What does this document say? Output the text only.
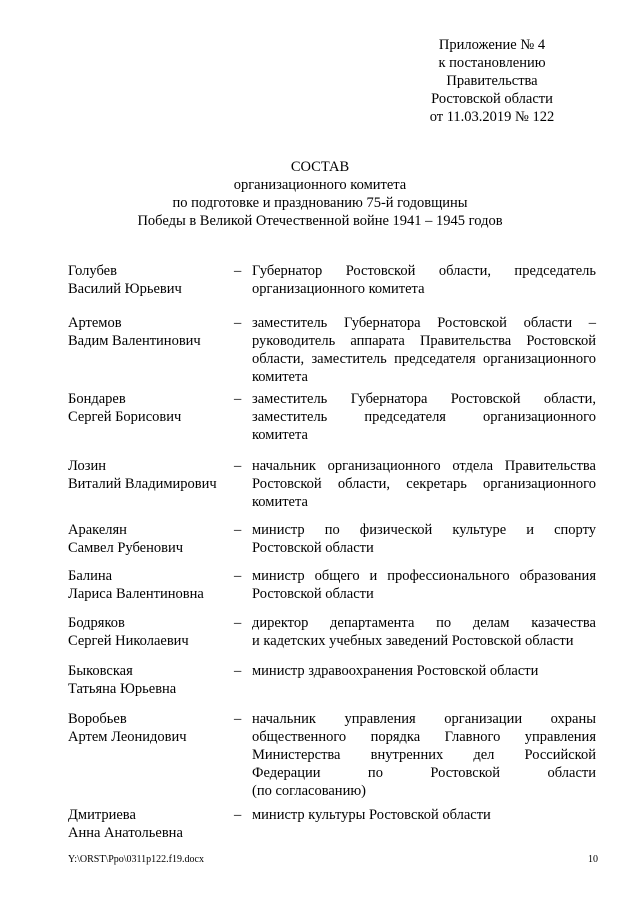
Приложение № 4
к постановлению
Правительства
Ростовской области
от 11.03.2019 № 122
СОСТАВ
организационного комитета
по подготовке и празднованию 75-й годовщины
Победы в Великой Отечественной войне 1941 – 1945 годов
Голубев
Василий Юрьевич
– Губернатор Ростовской области, председатель
организационного комитета
Артемов
Вадим Валентинович
– заместитель Губернатора Ростовской области –
руководитель аппарата Правительства Ростовской
области, заместитель председателя организационного
комитета
Бондарев
Сергей Борисович
– заместитель Губернатора Ростовской области,
заместитель председателя организационного
комитета
Лозин
Виталий Владимирович
– начальник организационного отдела Правительства
Ростовской области, секретарь организационного
комитета
Аракелян
Самвел Рубенович
– министр по физической культуре и спорту
Ростовской области
Балина
Лариса Валентиновна
– министр общего и профессионального образования
Ростовской области
Бодряков
Сергей Николаевич
– директор департамента по делам казачества
и кадетских учебных заведений Ростовской области
Быковская
Татьяна Юрьевна
– министр здравоохранения Ростовской области
Воробьев
Артем Леонидович
– начальник управления организации охраны
общественного порядка Главного управления
Министерства внутренних дел Российской
Федерации по Ростовской области
(по согласованию)
Дмитриева
Анна Анатольевна
– министр культуры Ростовской области
Y:\ORST\Ppo\0311p122.f19.docx	10
